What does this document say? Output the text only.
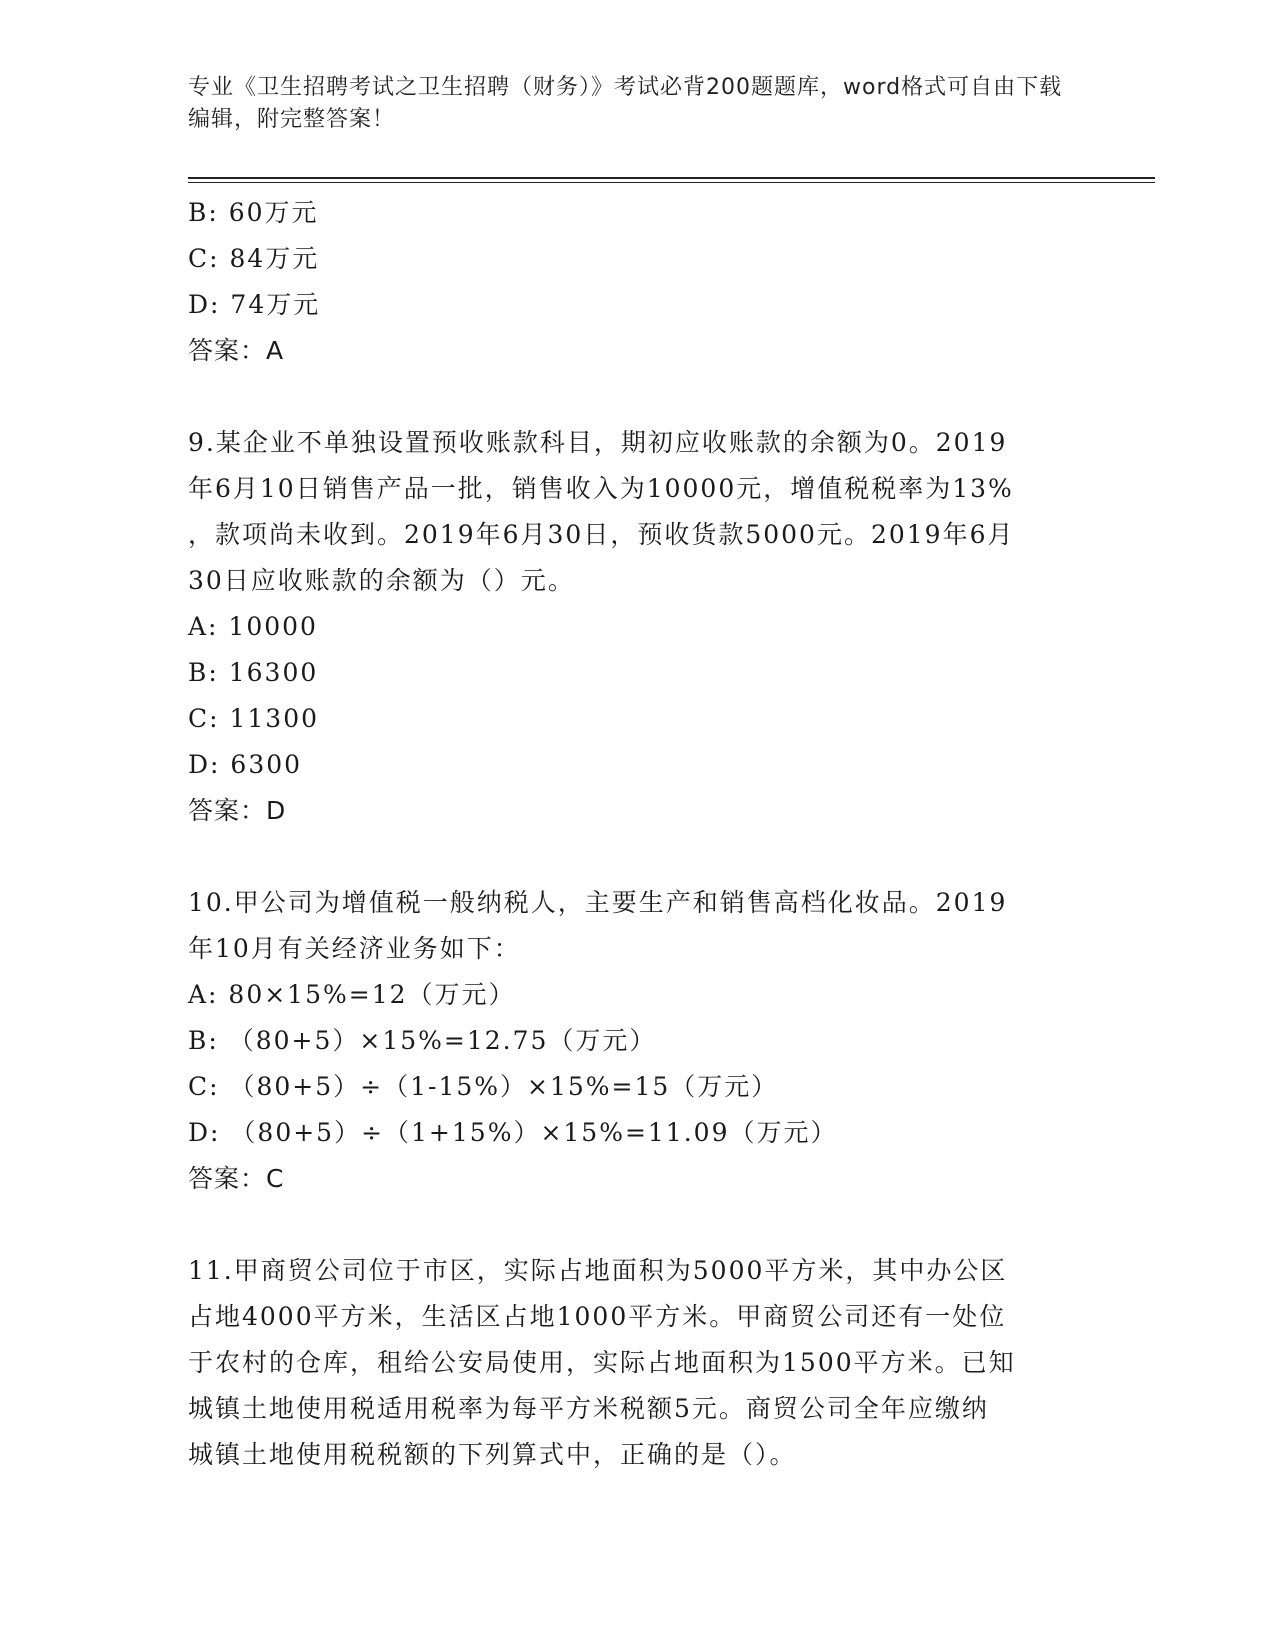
专业《卫生招聘考试之卫生招聘（财务）》考试必背200题题库，word格式可自由下载编辑，附完整答案！

B: 60万元

C: 84万元

D: 74万元

答案：A

9.某企业不单独设置预收账款科目，期初应收账款的余额为0。2019

年6月10日销售产品一批，销售收入为10000元，增值税税率为13%

，款项尚未收到。2019年6月30日，预收货款5000元。2019年6月

30日应收账款的余额为（）元。

A: 10000

B: 16300

C: 11300

D: 6300

答案：D

10.甲公司为增值税一般纳税人，主要生产和销售高档化妆品。2019

年10月有关经济业务如下：

A: 80×15%=12（万元）

B: （80+5）×15%=12.75（万元）

C: （80+5）÷（1-15%）×15%=15（万元）

D: （80+5）÷（1+15%）×15%=11.09（万元）

答案：C

11.甲商贸公司位于市区，实际占地面积为5000平方米，其中办公区

占地4000平方米，生活区占地1000平方米。甲商贸公司还有一处位

于农村的仓库，租给公安局使用，实际占地面积为1500平方米。已知

城镇土地使用税适用税率为每平方米税额5元。商贸公司全年应缴纳

城镇土地使用税税额的下列算式中，正确的是（）。
